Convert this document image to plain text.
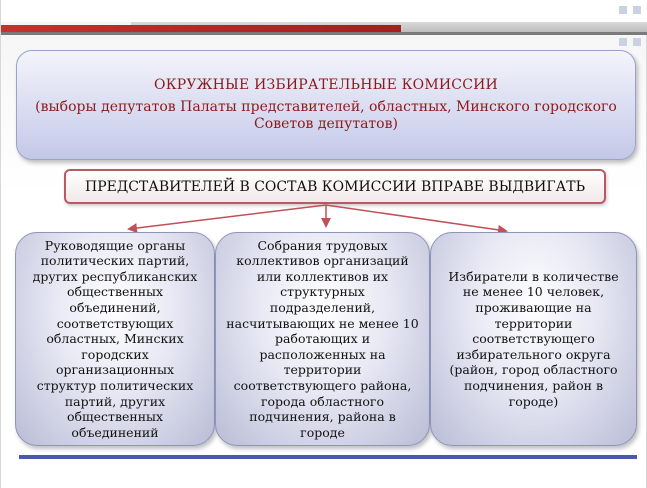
ОКРУЖНЫЕ ИЗБИРАТЕЛЬНЫЕ КОМИССИИ
(выборы депутатов Палаты представителей, областных, Минского городского Советов депутатов)
ПРЕДСТАВИТЕЛЕЙ В СОСТАВ КОМИССИИ ВПРАВЕ ВЫДВИГАТЬ
Руководящие органы политических партий, других республиканских общественных объединений, соответствующих областных, Минских городских организационных структур политических партий, других общественных объединений
Собрания трудовых коллективов организаций или коллективов их структурных подразделений, насчитывающих не менее 10 работающих и расположенных на территории соответствующего района, города областного подчинения, района в городе
Избиратели в количестве не менее 10 человек, проживающие на территории соответствующего избирательного округа (район, город областного подчинения, район в городе)
